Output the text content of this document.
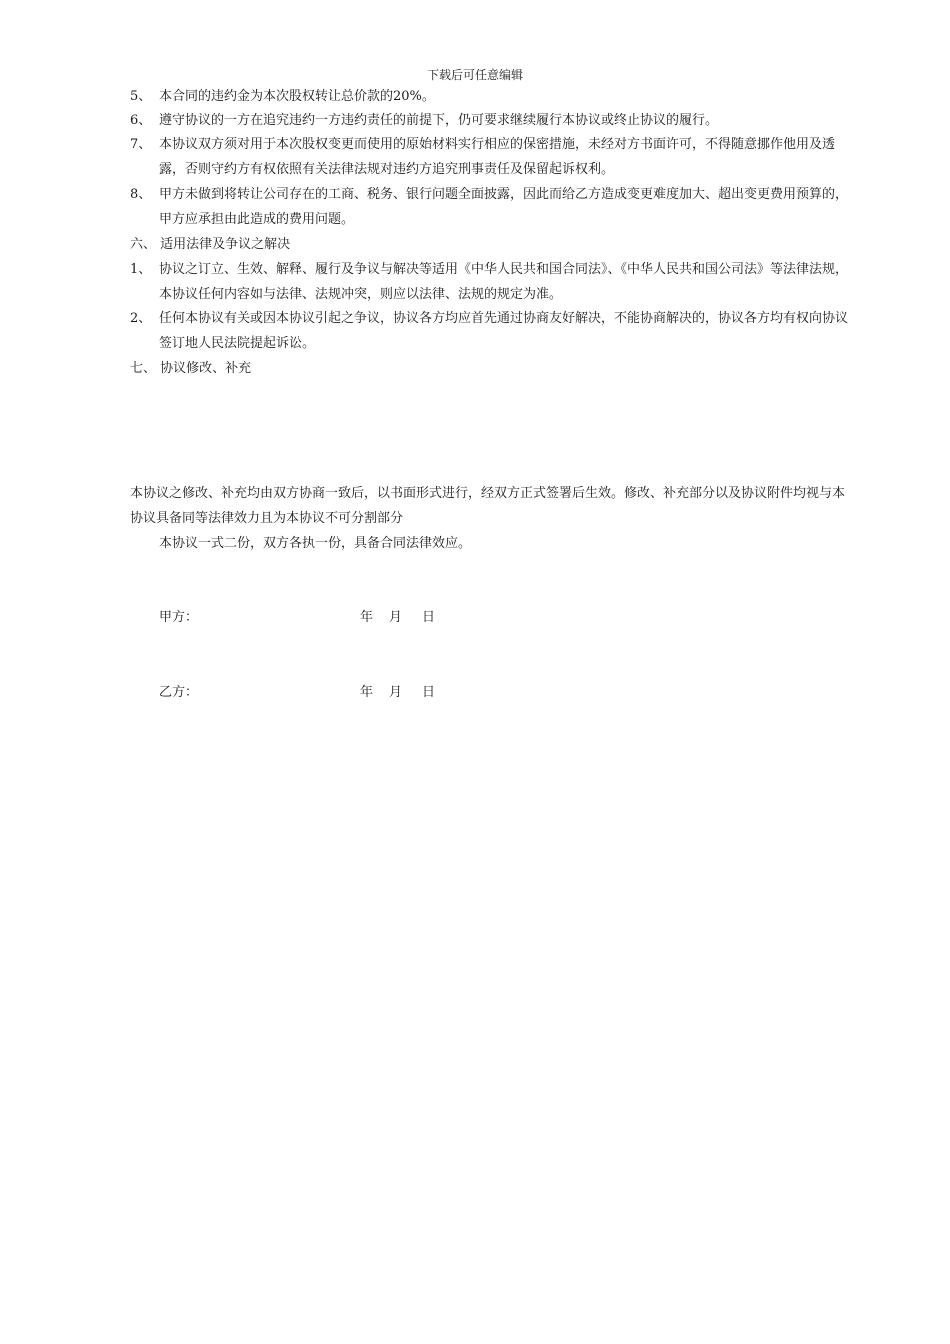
下载后可任意编辑
5、 本合同的违约金为本次股权转让总价款的20%。
6、 遵守协议的一方在追究违约一方违约责任的前提下，仍可要求继续履行本协议或终止协议的履行。
7、 本协议双方须对用于本次股权变更而使用的原始材料实行相应的保密措施，未经对方书面许可，不得随意挪作他用及透露，否则守约方有权依照有关法律法规对违约方追究刑事责任及保留起诉权利。
8、 甲方未做到将转让公司存在的工商、税务、银行问题全面披露，因此而给乙方造成变更难度加大、超出变更费用预算的，甲方应承担由此造成的费用问题。
六、 适用法律及争议之解决
1、 协议之订立、生效、解释、履行及争议与解决等适用《中华人民共和国合同法》、《中华人民共和国公司法》等法律法规，本协议任何内容如与法律、法规冲突，则应以法律、法规的规定为准。
2、 任何本协议有关或因本协议引起之争议，协议各方均应首先通过协商友好解决，不能协商解决的，协议各方均有权向协议签订地人民法院提起诉讼。
七、 协议修改、补充
本协议之修改、补充均由双方协商一致后，以书面形式进行，经双方正式签署后生效。修改、补充部分以及协议附件均视与本协议具备同等法律效力且为本协议不可分割部分
本协议一式二份，双方各执一份，具备合同法律效应。
甲方：	年 月 日
乙方：	年 月 日
